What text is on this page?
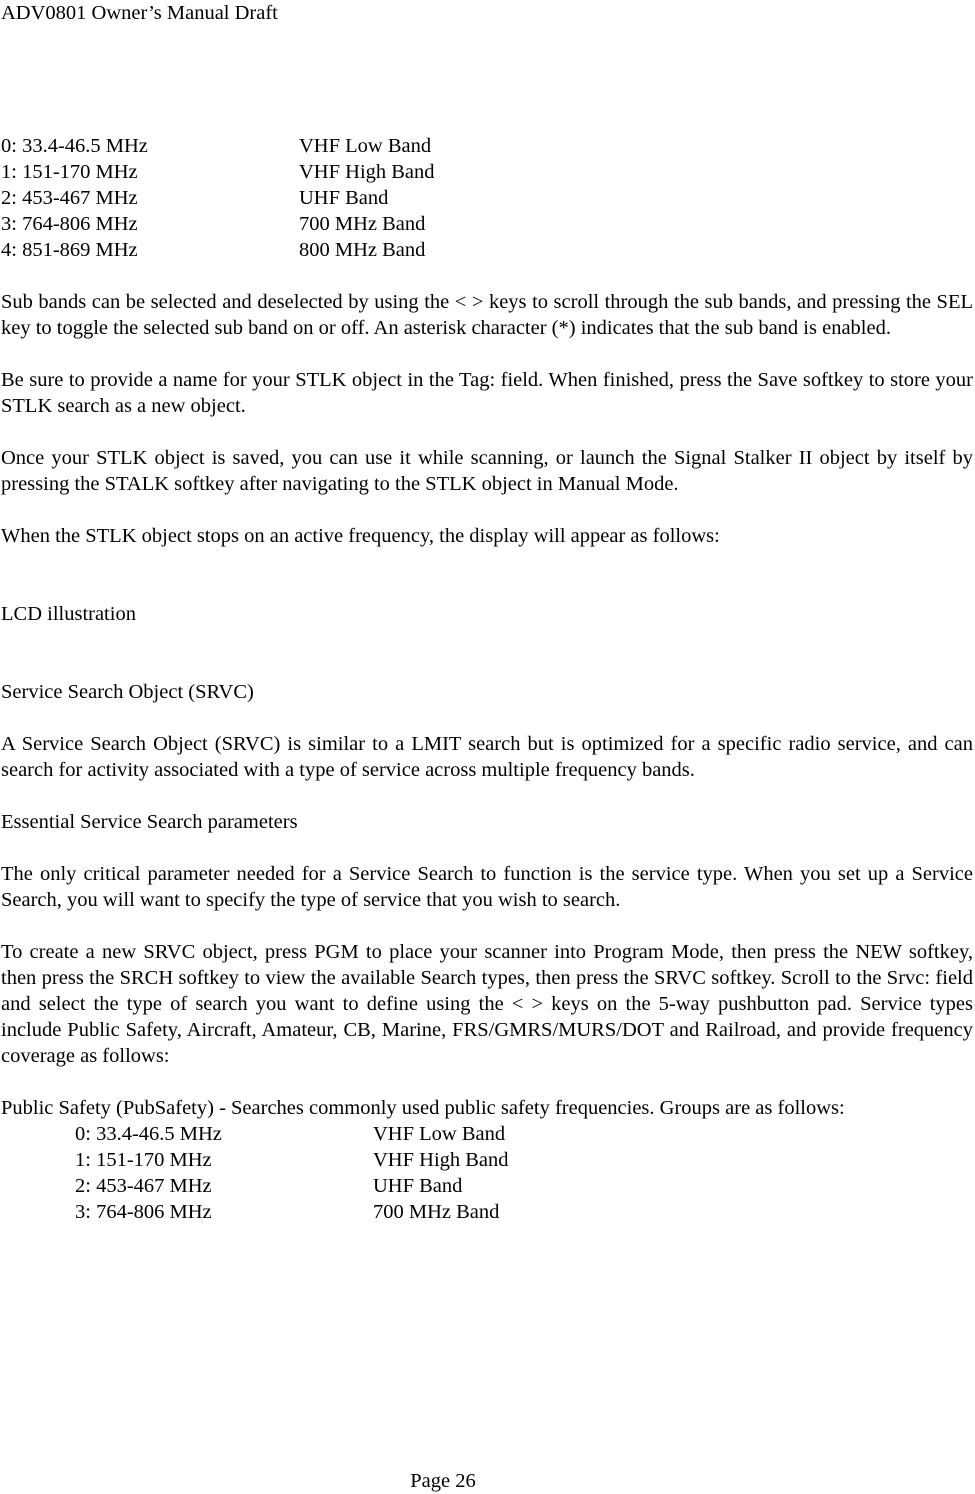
ADV0801 Owner’s Manual Draft
0: 33.4-46.5 MHz	VHF Low Band
1: 151-170 MHz	VHF High Band
2: 453-467 MHz	UHF Band
3: 764-806 MHz	700 MHz Band
4: 851-869 MHz	800 MHz Band

Sub bands can be selected and deselected by using the < > keys to scroll through the sub bands, and pressing the SEL key to toggle the selected sub band on or off. An asterisk character (*) indicates that the sub band is enabled.

Be sure to provide a name for your STLK object in the Tag: field. When finished, press the Save softkey to store your STLK search as a new object.

Once your STLK object is saved, you can use it while scanning, or launch the Signal Stalker II object by itself by pressing the STALK softkey after navigating to the STLK object in Manual Mode.

When the STLK object stops on an active frequency, the display will appear as follows:

LCD illustration

Service Search Object (SRVC)

A Service Search Object (SRVC) is similar to a LMIT search but is optimized for a specific radio service, and can search for activity associated with a type of service across multiple frequency bands.

Essential Service Search parameters

The only critical parameter needed for a Service Search to function is the service type. When you set up a Service Search, you will want to specify the type of service that you wish to search.

To create a new SRVC object, press PGM to place your scanner into Program Mode, then press the NEW softkey, then press the SRCH softkey to view the available Search types, then press the SRVC softkey. Scroll to the Srvc: field and select the type of search you want to define using the < > keys on the 5-way pushbutton pad. Service types include Public Safety, Aircraft, Amateur, CB, Marine, FRS/GMRS/MURS/DOT and Railroad, and provide frequency coverage as follows:

Public Safety (PubSafety) - Searches commonly used public safety frequencies. Groups are as follows:

0: 33.4-46.5 MHz	VHF Low Band
1: 151-170 MHz	VHF High Band
2: 453-467 MHz	UHF Band
3: 764-806 MHz	700 MHz Band
Page 26
